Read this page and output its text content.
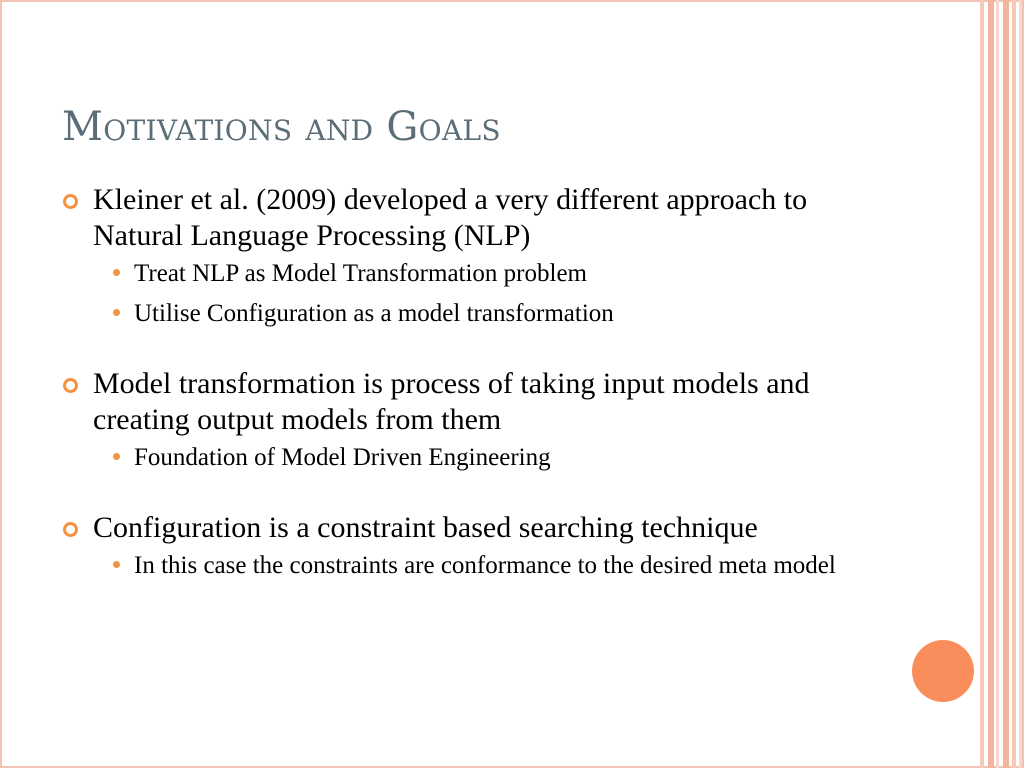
Motivations and Goals
Kleiner et al. (2009) developed a very different approach to Natural Language Processing (NLP)
Treat NLP as Model Transformation problem
Utilise Configuration as a model transformation
Model transformation is process of taking input models and creating output models from them
Foundation of Model Driven Engineering
Configuration is a constraint based searching technique
In this case the constraints are conformance to the desired meta model
